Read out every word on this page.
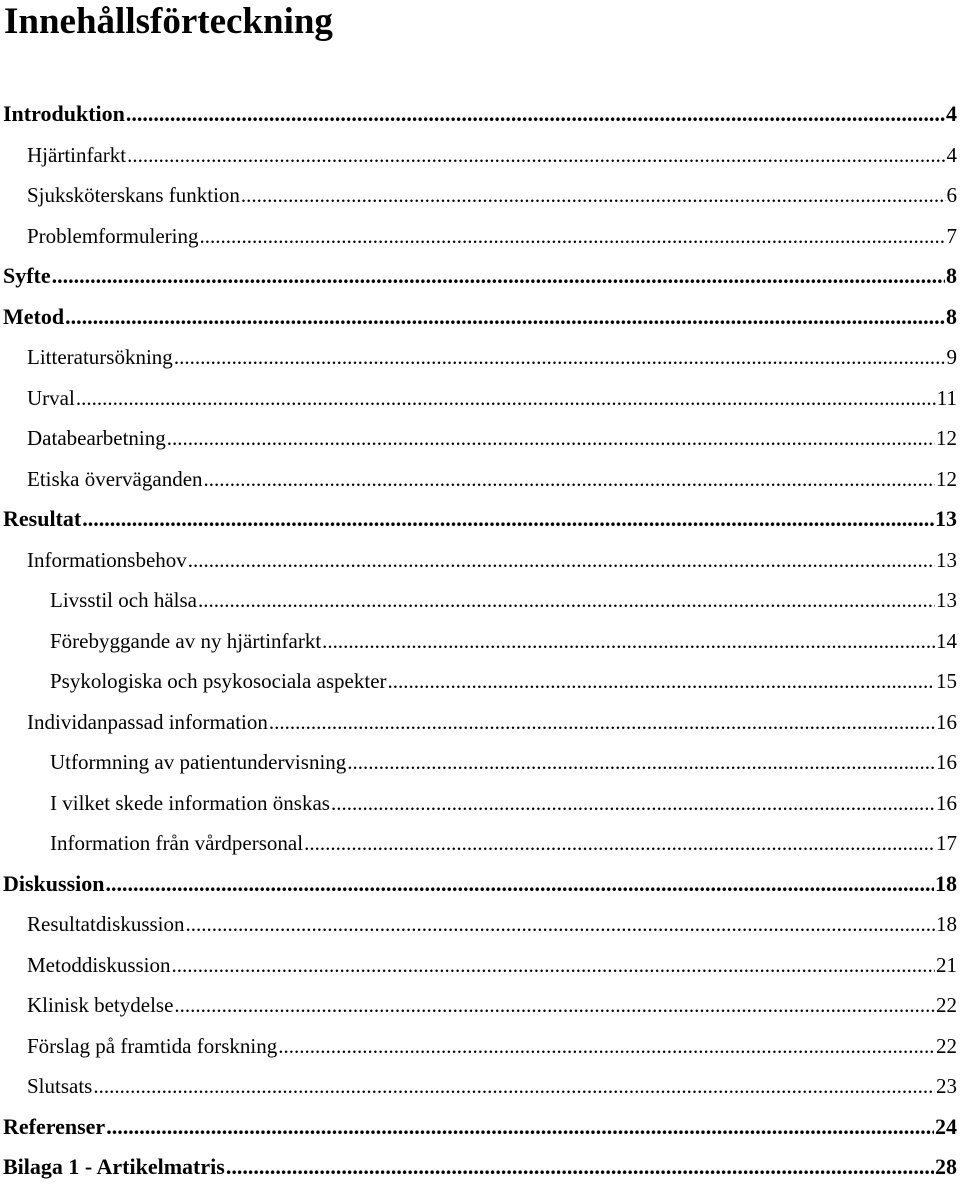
Innehållsförteckning
Introduktion .....	4
Hjärtinfarkt .....	4
Sjuksköterskans funktion .....	6
Problemformulering .....	7
Syfte .....	8
Metod .....	8
Litteratursökning .....	9
Urval .....	11
Databearbetning .....	12
Etiska överväganden .....	12
Resultat .....	13
Informationsbehov .....	13
Livsstil och hälsa .....	13
Förebyggande av ny hjärtinfarkt .....	14
Psykologiska och psykosociala aspekter .....	15
Individanpassad information .....	16
Utformning av patientundervisning .....	16
I vilket skede information önskas .....	16
Information från vårdpersonal .....	17
Diskussion .....	18
Resultatdiskussion .....	18
Metoddiskussion .....	21
Klinisk betydelse .....	22
Förslag på framtida forskning .....	22
Slutsats .....	23
Referenser .....	24
Bilaga 1 - Artikelmatris .....	28
